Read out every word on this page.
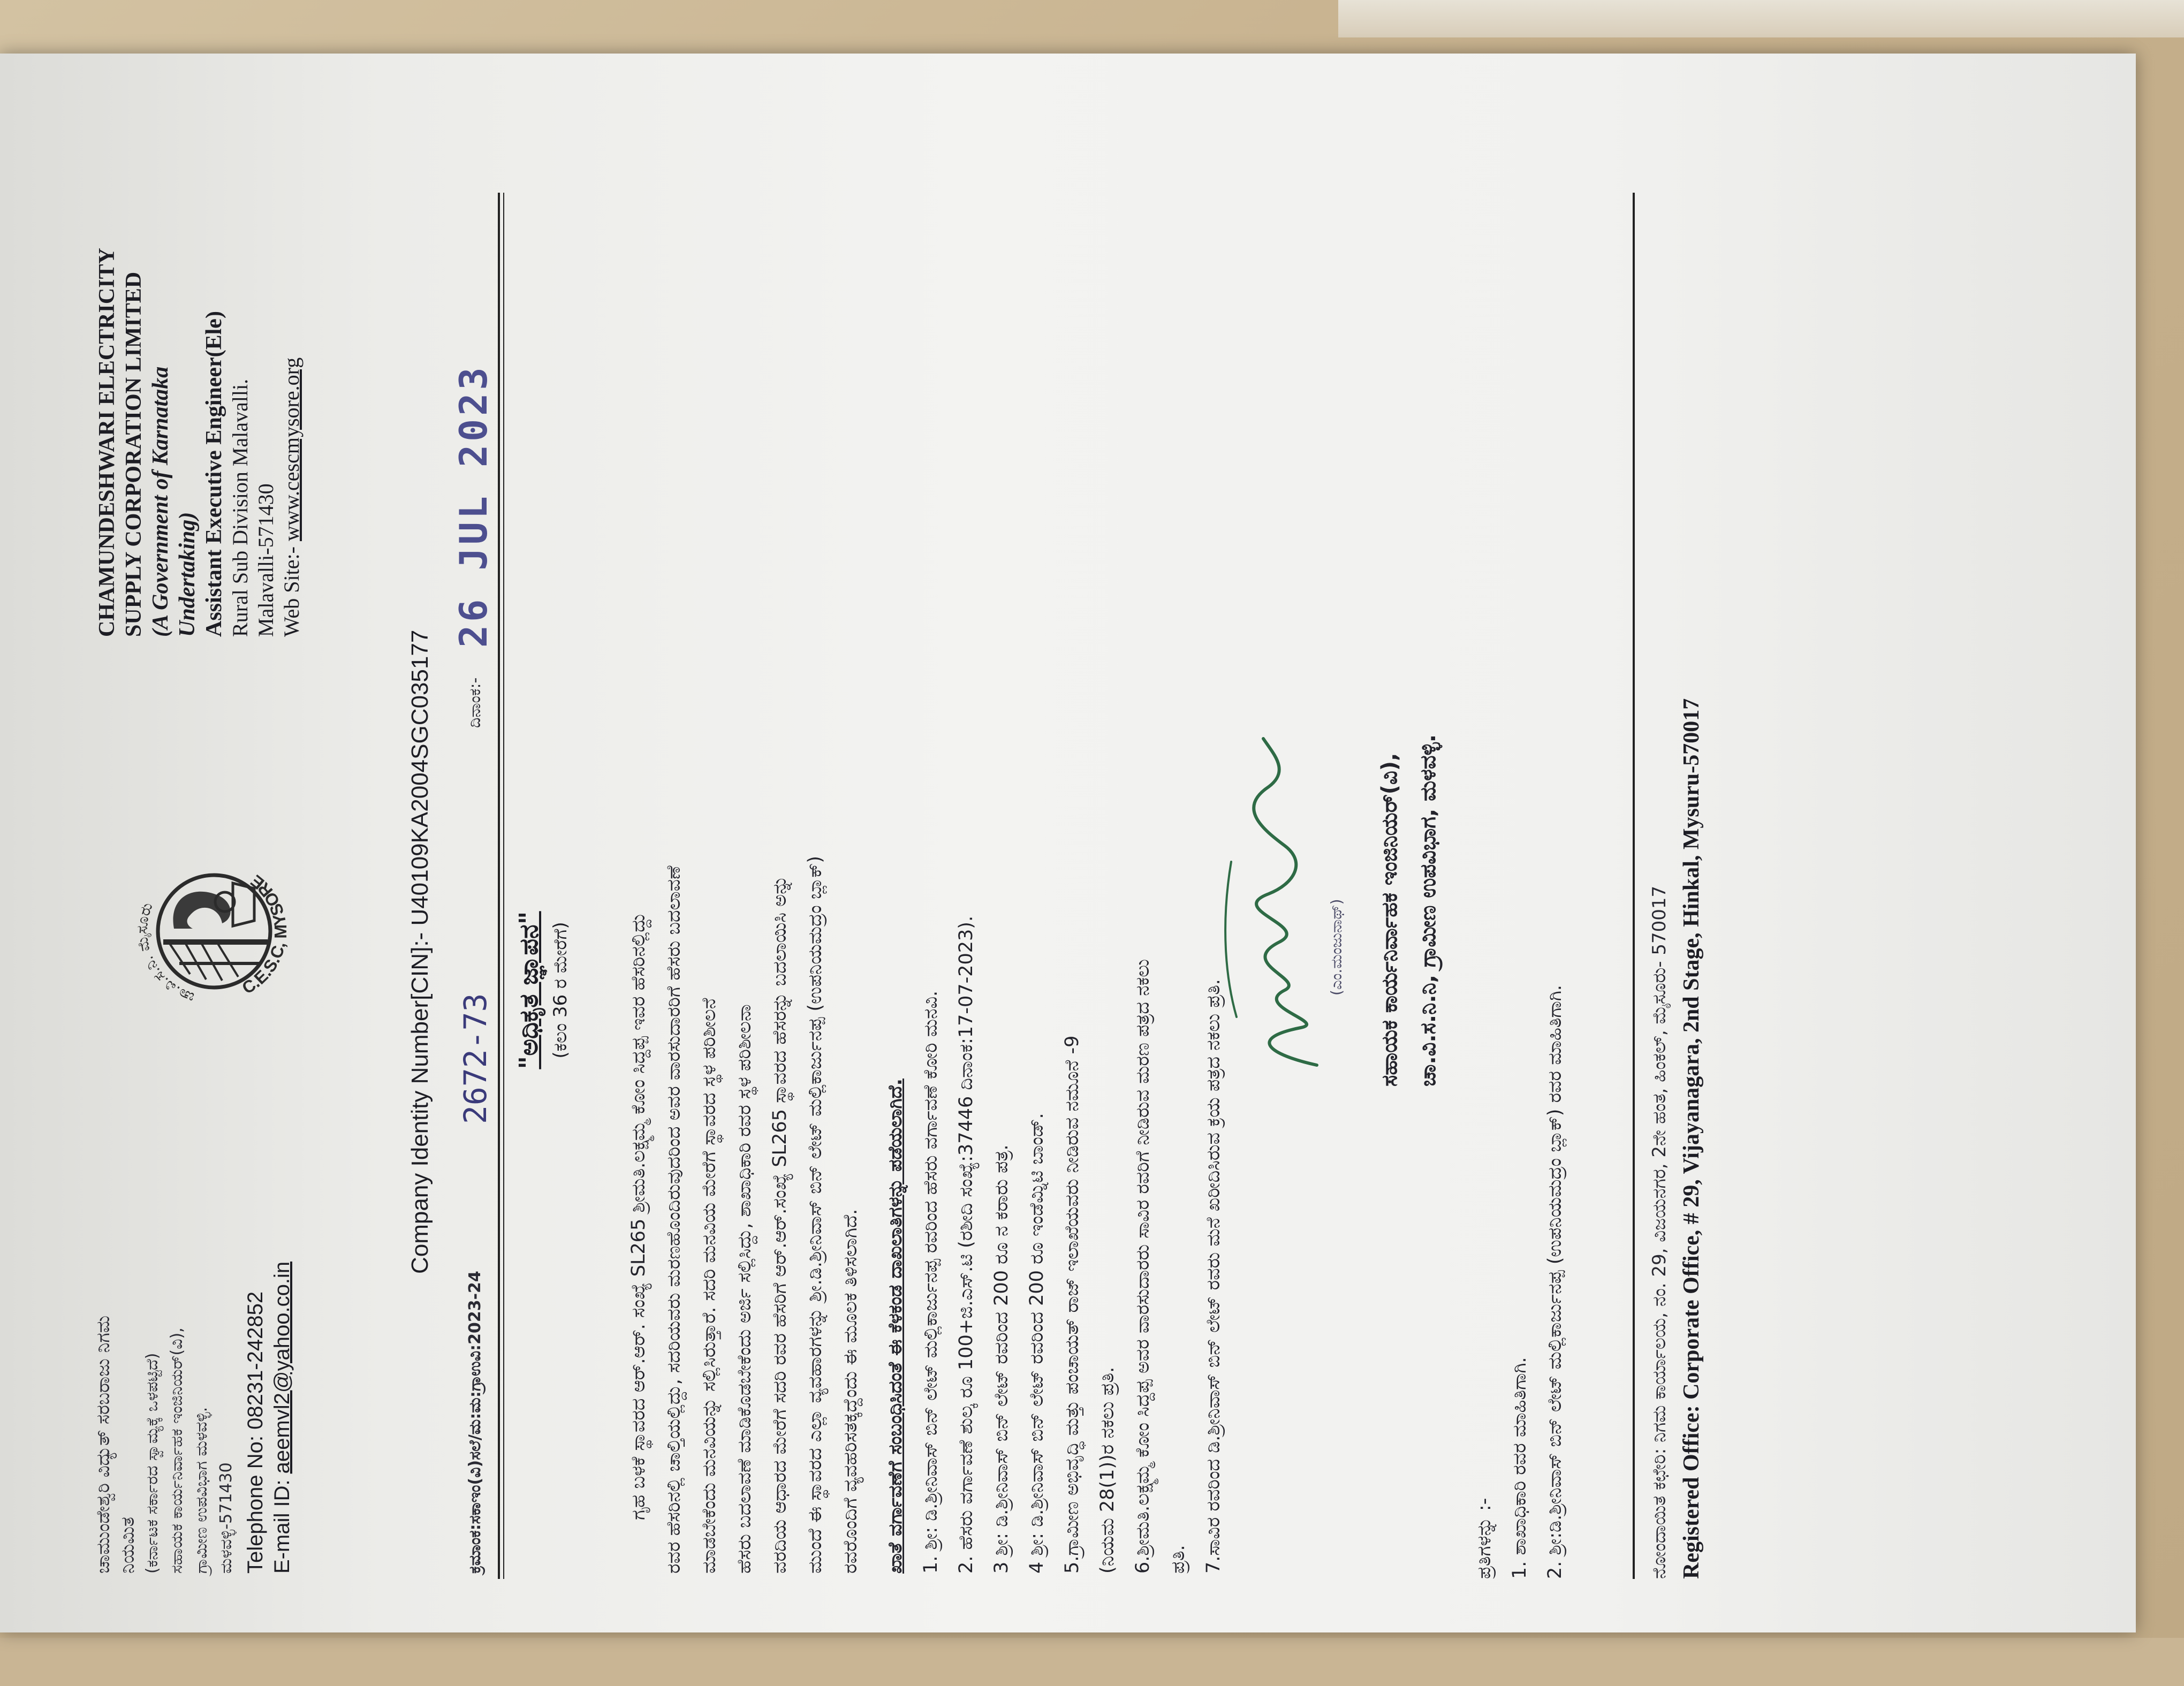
ಚಾಮುಂಡೇಶ್ವರಿ ವಿದ್ಯುತ್ ಸರಬರಾಜು ನಿಗಮ ನಿಯಮಿತ (ಕರ್ನಾಟಕ ಸರ್ಕಾರದ ಸ್ವಾಮ್ಯಕ್ಕೆ ಒಳಪಟ್ಟಿದೆ) ಸಹಾಯಕ ಕಾರ್ಯನಿರ್ವಾಹಕ ಇಂಜಿನಿಯರ್(ವಿ), ಗ್ರಾಮೀಣ ಉಪವಿಭಾಗ ಮಳವಳ್ಳಿ. ಮಳವಳ್ಳಿ-571430 Telephone No: 08231-242852 E-mail ID: aeemvl2@yahoo.co.in
ಚಾ.ವಿ.ಸ.ನಿ. ಮೈಸೂರು
C.E.S.C, MYSORE
CHAMUNDESHWARI ELECTRICITY SUPPLY CORPORATION LIMITED (A Government of Karnataka Undertaking) Assistant Executive Engineer(Ele) Rural Sub Division Malavalli. Malavalli-571430 Web Site:- www.cescmysore.org
Company Identity Number[CIN]:- U40109KA2004SGC035177
ಕ್ರಮಾಂಕ:ಸಕಾಇಂ(ವಿ)ಸಲೆ/ಮ:ಮ:ಗ್ರಾಉವಿ:2023-24
2672-73
ದಿನಾಂಕ:-
26 JUL 2023
"ಅಧಿಕೃತ ಜ್ಞಾಪನ" (ಕಲಂ 36 ರ ಮೇರೆಗೆ)	ಗೃಹ ಬಳಕೆ ಸ್ಥಾವರದ ಆರ್.ಆರ್. ಸಂಖ್ಯೆ SL265 ಶ್ರೀಮತಿ.ಲಕ್ಷ್ಮಮ್ಮ ಕೋಂ ಸಿದ್ದಪ್ಪ ಇವರ ಹೆಸರಿನಲ್ಲಿದ್ದು ರವರ ಹೆಸರಿನಲ್ಲಿ ಚಾಲ್ತಿಯಲ್ಲಿದ್ದು, ಸದರಿಯವರು ಮರಣಹೊಂದಿರುವುದರಿಂದ ಅವರ ವಾರಸುದಾರರಿಗೆ ಹೆಸರು ಬದಲಾವಣೆ ಮಾಡಬೇಕೆಂದು ಮನವಿಯನ್ನು ಸಲ್ಲಿಸಿರುತ್ತಾರೆ. ಸದರಿ ಮನವಿಯ ಮೇರೆಗೆ ಸ್ಥಾವರದ ಸ್ಥಳ ಪರಿಶೀಲನೆ ಹೆಸರು ಬದಲಾವಣೆ ಮಾಡಿಕೊಡಬೇಕೆಂದು ಅರ್ಜಿ ಸಲ್ಲಿಸಿದ್ದು, ಶಾಖಾಧಿಕಾರಿ ರವರ ಸ್ಥಳ ಪರಿಶೀಲನಾ ವರದಿಯ ಆಧಾರದ ಮೇರೆಗೆ ಸದರಿ ರವರ ಹೆಸರಿಗೆ ಆರ್.ಆರ್.ಸಂಖ್ಯೆ SL265 ಸ್ಥಾವರದ ಹೆಸರನ್ನು ಬದಲಾಯಿಸಿ ಅನ್ನು ಮುಂದೆ ಈ ಸ್ಥಾವರದ ಎಲ್ಲಾ ವ್ಯವಹಾರಗಳನ್ನು ಶ್ರೀ.ಡಿ.ಶ್ರೀನಿವಾಸ್ ಬಿನ್ ಲೇಟ್ ಮಲ್ಲಿಕಾರ್ಜುನಪ್ಪ (ಉಪನಿಯಮದ್ರಂ ಬ್ಲಾಕ್) ರವರೊಂದಿಗೆ ವ್ಯವಹರಿಸತಕ್ಕದ್ದೆಂದು ಈ ಮೂಲಕ ತಿಳಿಸಲಾಗಿದೆ.	ಖಾತೆ ವರ್ಗಾವಣೆಗೆ ಸಂಬಂಧಿಸಿದಂತೆ ಈ ಕೆಳಕಂಡ ದಾಖಲಾತಿಗಳನ್ನು ಪಡೆಯಲಾಗಿದೆ. 1. ಶ್ರೀ: ಡಿ.ಶ್ರೀನಿವಾಸ್ ಬಿನ್ ಲೇಟ್ ಮಲ್ಲಿಕಾರ್ಜುನಪ್ಪ ರವರಿಂದ ಹೆಸರು ವರ್ಗಾವಣೆ ಕೋರಿ ಮನವಿ. 2. ಹೆಸರು ವರ್ಗಾವಣೆ ಶುಲ್ಕ ರೂ 100+ಜಿ.ಎಸ್.ಟಿ (ರಶೀದಿ ಸಂಖ್ಯೆ:37446 ದಿನಾಂಕ:17-07-2023). 3 ಶ್ರೀ: ಡಿ.ಶ್ರೀನಿವಾಸ್ ಬಿನ್ ಲೇಟ್ ರವರಿಂದ 200 ರೂ ನ ಕರಾರು ಪತ್ರ. 4 ಶ್ರೀ: ಡಿ.ಶ್ರೀನಿವಾಸ್ ಬಿನ್ ಲೇಟ್ ರವರಿಂದ 200 ರೂ ಇಂಡೆಮ್ನಿಟಿ ಬಾಂಡ್. 5.ಗ್ರಾಮೀಣ ಅಭಿವೃದ್ಧಿ ಮತ್ತು ಪಂಚಾಯತ್ ರಾಜ್ ಇಲಾಖೆಯವರು ನೀಡಿರುವ ನಮೂನೆ -9 (ನಿಯಮ 28(1))ರ ನಕಲು ಪ್ರತಿ. 6.ಶ್ರೀಮತಿ.ಲಕ್ಷ್ಮಮ್ಮ ಕೋಂ ಸಿದ್ದಪ್ಪ ಅವರ ವಾರಸುದಾರರು ಸಾವಿರ ರವರಿಗೆ ನೀಡಿರುವ ಮರಣ ಪತ್ರದ ನಕಲು ಪ್ರತಿ. 7.ಸಾವಿರ ರವರಿಂದ ಡಿ.ಶ್ರೀನಿವಾಸ್ ಬಿನ್ ಲೇಟ್ ರವರು ಮನೆ ಖರೀದಿಸಿರುವ ಕ್ರಯ ಪತ್ರದ ನಕಲು ಪ್ರತಿ.
(ಎಂ.ಮಂಜುನಾಥ್)	ಸಹಾಯಕ ಕಾರ್ಯನಿರ್ವಾಹಕ ಇಂಜಿನಿಯರ್(ವಿ), ಚಾ.ವಿ.ಸ.ನಿ.ನಿ, ಗ್ರಾಮೀಣ ಉಪವಿಭಾಗ, ಮಳವಳ್ಳಿ.
ಪ್ರತಿಗಳನ್ನು :- 1. ಶಾಖಾಧಿಕಾರಿ ರವರ ಮಾಹಿತಿಗಾಗಿ. 2. ಶ್ರೀ:ಡಿ.ಶ್ರೀನಿವಾಸ್ ಬಿನ್ ಲೇಟ್ ಮಲ್ಲಿಕಾರ್ಜುನಪ್ಪ (ಉಪನಿಯಮದ್ರಂ ಬ್ಲಾಕ್) ರವರ ಮಾಹಿತಿಗಾಗಿ.	ನೋಂದಾಯಿತ ಕಛೇರಿ: ನಿಗಮ ಕಾರ್ಯಾಲಯ, ನಂ. 29, ವಿಜಯನಗರ, 2ನೇ ಹಂತ, ಹಿಂಕಲ್, ಮೈಸೂರು- 570017 Registered Office: Corporate Office, # 29, Vijayanagara, 2nd Stage, Hinkal, Mysuru-570017
